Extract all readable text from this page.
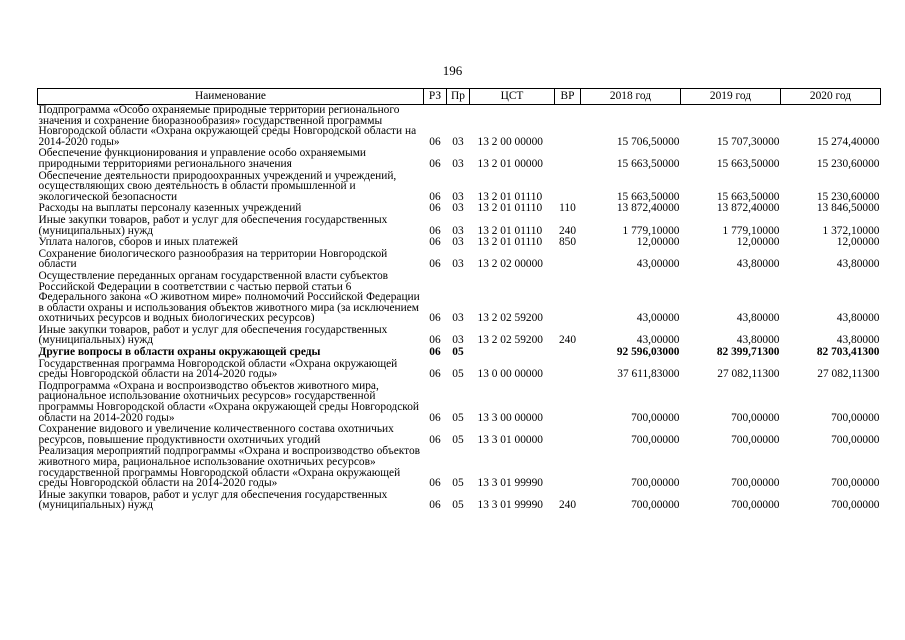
196
Наименование	РЗ	Пр	ЦСТ	ВР	2018 год	2019 год	2020 год
Подпрограмма «Особо охраняемые природные территории регионального значения и сохранение биоразнообразия» государственной программы Новгородской области «Охрана окружающей среды Новгородской области на 2014-2020 годы»	06	03	13 2 00 00000		15 706,50000	15 707,30000	15 274,40000
Обеспечение функционирования и управление особо охраняемыми природными территориями регионального значения	06	03	13 2 01 00000		15 663,50000	15 663,50000	15 230,60000
Обеспечение деятельности природоохранных учреждений и учреждений, осуществляющих свою деятельность в области промышленной и экологической безопасности	06	03	13 2 01 01110		15 663,50000	15 663,50000	15 230,60000
Расходы на выплаты персоналу казенных учреждений	06	03	13 2 01 01110	110	13 872,40000	13 872,40000	13 846,50000
Иные закупки товаров, работ и услуг для обеспечения государственных (муниципальных) нужд	06	03	13 2 01 01110	240	1 779,10000	1 779,10000	1 372,10000
Уплата налогов, сборов и иных платежей	06	03	13 2 01 01110	850	12,00000	12,00000	12,00000
Сохранение биологического разнообразия на территории Новгородской области	06	03	13 2 02 00000		43,00000	43,80000	43,80000
Осуществление переданных органам государственной власти субъектов Российской Федерации в соответствии с частью первой статьи 6 Федерального закона «О животном мире» полномочий Российской Федерации в области охраны и использования объектов животного мира (за исключением охотничьих ресурсов и водных биологических ресурсов)	06	03	13 2 02 59200		43,00000	43,80000	43,80000
Иные закупки товаров, работ и услуг для обеспечения государственных (муниципальных) нужд	06	03	13 2 02 59200	240	43,00000	43,80000	43,80000
Другие вопросы в области охраны окружающей среды	06	05			92 596,03000	82 399,71300	82 703,41300
Государственная программа Новгородской области «Охрана окружающей среды Новгородской области на 2014-2020 годы»	06	05	13 0 00 00000		37 611,83000	27 082,11300	27 082,11300
Подпрограмма «Охрана и воспроизводство объектов животного мира, рациональное использование охотничьих ресурсов» государственной программы Новгородской области «Охрана окружающей среды Новгородской области на 2014-2020 годы»	06	05	13 3 00 00000		700,00000	700,00000	700,00000
Сохранение видового и увеличение количественного состава охотничьих ресурсов, повышение продуктивности охотничьих угодий	06	05	13 3 01 00000		700,00000	700,00000	700,00000
Реализация мероприятий подпрограммы «Охрана и воспроизводство объектов животного мира, рациональное использование охотничьих ресурсов» государственной программы Новгородской области «Охрана окружающей среды Новгородской области на 2014-2020 годы»	06	05	13 3 01 99990		700,00000	700,00000	700,00000
Иные закупки товаров, работ и услуг для обеспечения государственных (муниципальных) нужд	06	05	13 3 01 99990	240	700,00000	700,00000	700,00000
